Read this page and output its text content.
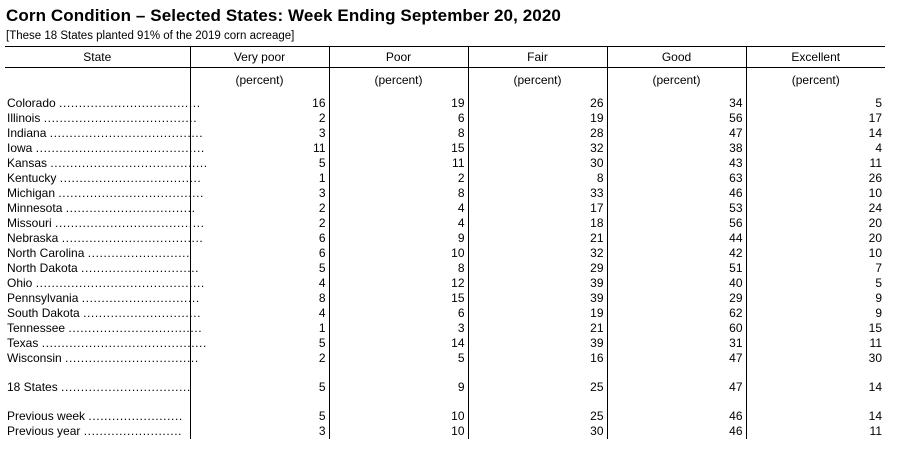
Corn Condition – Selected States: Week Ending September 20, 2020
[These 18 States planted 91% of the 2019 corn acreage]
State	Very poor	Poor	Fair	Good	Excellent
	(percent)	(percent)	(percent)	(percent)	(percent)

Colorado ....................................	16	19	26	34	5
Illinois .......................................	2	6	19	56	17
Indiana .......................................	3	8	28	47	14
Iowa ...........................................	11	15	32	38	4
Kansas ........................................	5	11	30	43	11
Kentucky ....................................	1	2	8	63	26
Michigan .....................................	3	8	33	46	10
Minnesota .................................	2	4	17	53	24
Missouri ......................................	2	4	18	56	20
Nebraska ....................................	6	9	21	44	20
North Carolina ..........................	6	10	32	42	10
North Dakota ..............................	5	8	29	51	7
Ohio ...........................................	4	12	39	40	5
Pennsylvania ..............................	8	15	39	29	9
South Dakota ..............................	4	6	19	62	9
Tennessee ..................................	1	3	21	60	15
Texas ..........................................	5	14	39	31	11
Wisconsin ..................................	2	5	16	47	30

18 States .................................	5	9	25	47	14

Previous week ........................	5	10	25	46	14
Previous year .........................	3	10	30	46	11
